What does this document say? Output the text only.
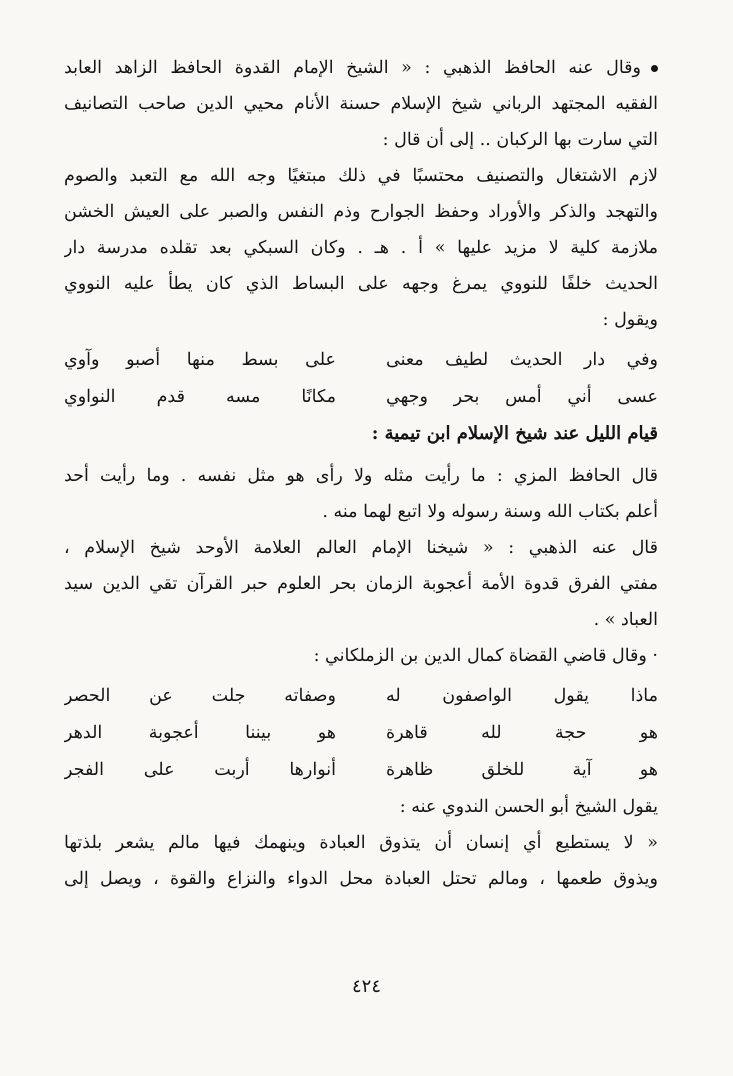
وقال عنه الحافظ الذهبي : « الشيخ الإمام القدوة الحافظ الزاهد العابد
الفقيه المجتهد الرباني شيخ الإسلام حسنة الأنام محيي الدين صاحب التصانيف
التي سارت بها الركبان .. إلى أن قال :
لازم الاشتغال والتصنيف محتسبًا في ذلك مبتغيًا وجه الله مع التعبد والصوم
والتهجد والذكر والأوراد وحفظ الجوارح وذم النفس والصبر على العيش الخشن
ملازمة كلية لا مزيد عليها » أ . هـ . وكان السبكي بعد تقلده مدرسة دار
الحديث خلفًا للنووي يمرغ وجهه على البساط الذي كان يطأ عليه النووي
ويقول :
وفي دار الحديث لطيف معنى
على بسط منها أصبو وآوي
عسى أني أمس بحر وجهي
مكانًا مسه قدم النواوي
قيام الليل عند شيخ الإسلام ابن تيمية :
قال الحافظ المزي : ما رأيت مثله ولا رأى هو مثل نفسه . وما رأيت أحد
أعلم بكتاب الله وسنة رسوله ولا اتبع لهما منه .
قال عنه الذهبي : « شيخنا الإمام العالم العلامة الأوحد شيخ الإسلام ،
مفتي الفرق قدوة الأمة أعجوبة الزمان بحر العلوم حبر القرآن تقي الدين سيد
العباد » .
· وقال قاضي القضاة كمال الدين بن الزملكاني :
ماذا يقول الواصفون له
وصفاته جلت عن الحصر
هو حجة لله قاهرة
هو بيننا أعجوبة الدهر
هو آية للخلق ظاهرة
أنوارها أربت على الفجر
يقول الشيخ أبو الحسن الندوي عنه :
« لا يستطيع أي إنسان أن يتذوق العبادة وينهمك فيها مالم يشعر بلذتها
ويذوق طعمها ، ومالم تحتل العبادة محل الدواء والنزاع والقوة ، ويصل إلى
٤٢٤
